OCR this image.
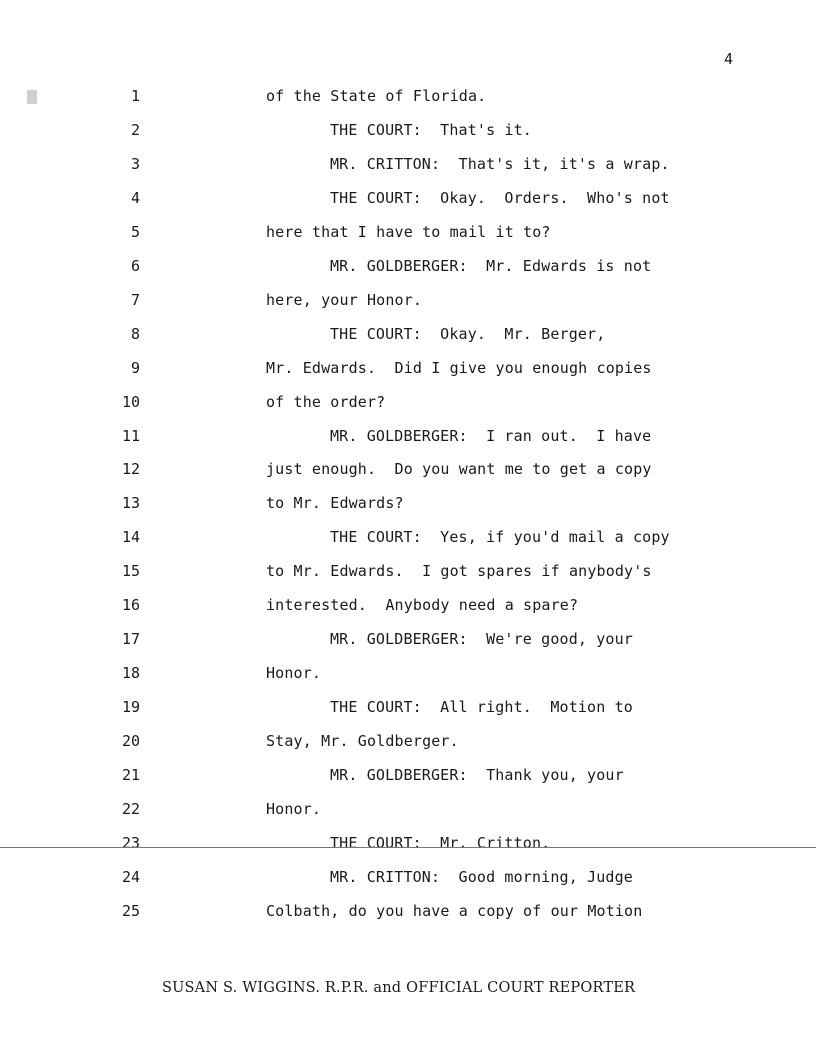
4
1	of the State of Florida.
2	THE COURT:  That's it.
3	MR. CRITTON:  That's it, it's a wrap.
4	THE COURT:  Okay.  Orders.  Who's not
5	here that I have to mail it to?
6	MR. GOLDBERGER:  Mr. Edwards is not
7	here, your Honor.
8	THE COURT:  Okay.  Mr. Berger,
9	Mr. Edwards.  Did I give you enough copies
10	of the order?
11	MR. GOLDBERGER:  I ran out.  I have
12	just enough.  Do you want me to get a copy
13	to Mr. Edwards?
14	THE COURT:  Yes, if you'd mail a copy
15	to Mr. Edwards.  I got spares if anybody's
16	interested.  Anybody need a spare?
17	MR. GOLDBERGER:  We're good, your
18	Honor.
19	THE COURT:  All right.  Motion to
20	Stay, Mr. Goldberger.
21	MR. GOLDBERGER:  Thank you, your
22	Honor.
23	THE COURT:  Mr. Critton.
24	MR. CRITTON:  Good morning, Judge
25	Colbath, do you have a copy of our Motion
SUSAN S. WIGGINS. R.P.R. and OFFICIAL COURT REPORTER
